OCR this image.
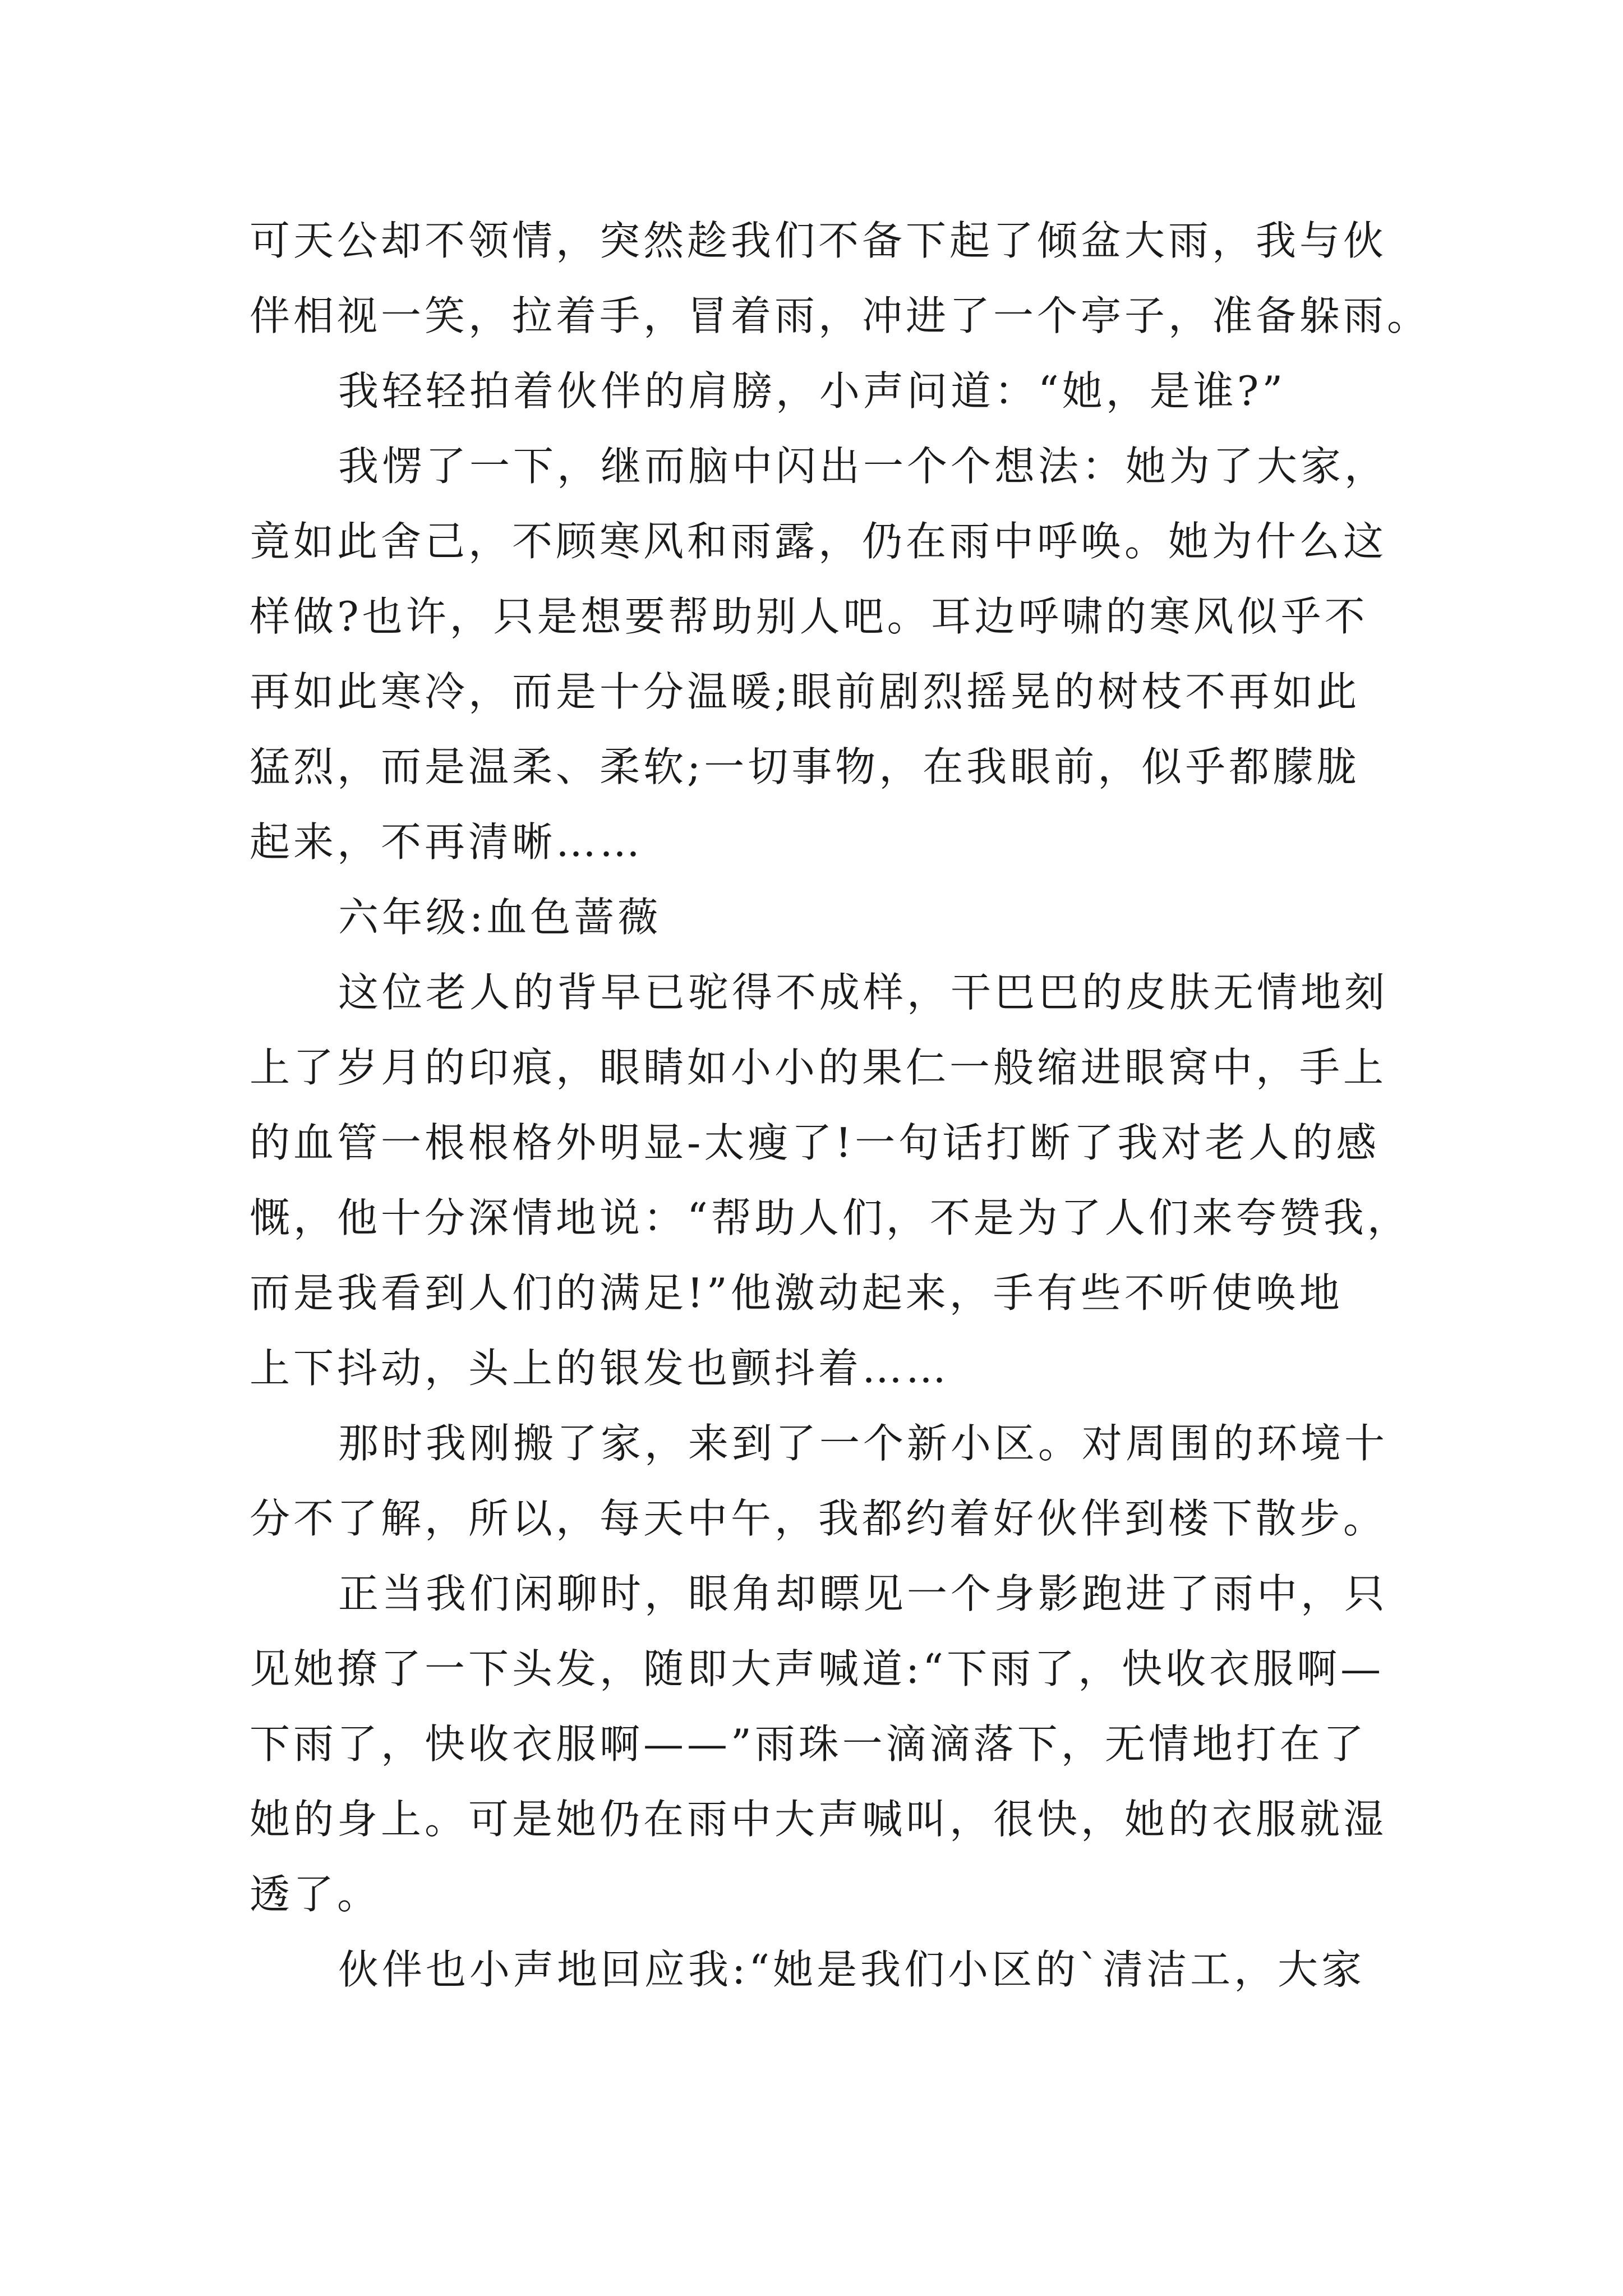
可天公却不领情，突然趁我们不备下起了倾盆大雨，我与伙
伴相视一笑，拉着手，冒着雨，冲进了一个亭子，准备躲雨。
我轻轻拍着伙伴的肩膀，小声问道：“她，是谁?”
我愣了一下，继而脑中闪出一个个想法：她为了大家，
竟如此舍己，不顾寒风和雨露，仍在雨中呼唤。她为什么这
样做?也许，只是想要帮助别人吧。耳边呼啸的寒风似乎不
再如此寒冷，而是十分温暖;眼前剧烈摇晃的树枝不再如此
猛烈，而是温柔、柔软;一切事物，在我眼前，似乎都朦胧
起来，不再清晰……
六年级:血色蔷薇
这位老人的背早已驼得不成样，干巴巴的皮肤无情地刻
上了岁月的印痕，眼睛如小小的果仁一般缩进眼窝中，手上
的血管一根根格外明显-太瘦了!一句话打断了我对老人的感
慨，他十分深情地说：“帮助人们，不是为了人们来夸赞我，
而是我看到人们的满足!”他激动起来，手有些不听使唤地
上下抖动，头上的银发也颤抖着……
那时我刚搬了家，来到了一个新小区。对周围的环境十
分不了解，所以，每天中午，我都约着好伙伴到楼下散步。
正当我们闲聊时，眼角却瞟见一个身影跑进了雨中，只
见她撩了一下头发，随即大声喊道:“下雨了，快收衣服啊—
下雨了，快收衣服啊——”雨珠一滴滴落下，无情地打在了
她的身上。可是她仍在雨中大声喊叫，很快，她的衣服就湿
透了。
伙伴也小声地回应我:“她是我们小区的`清洁工，大家
